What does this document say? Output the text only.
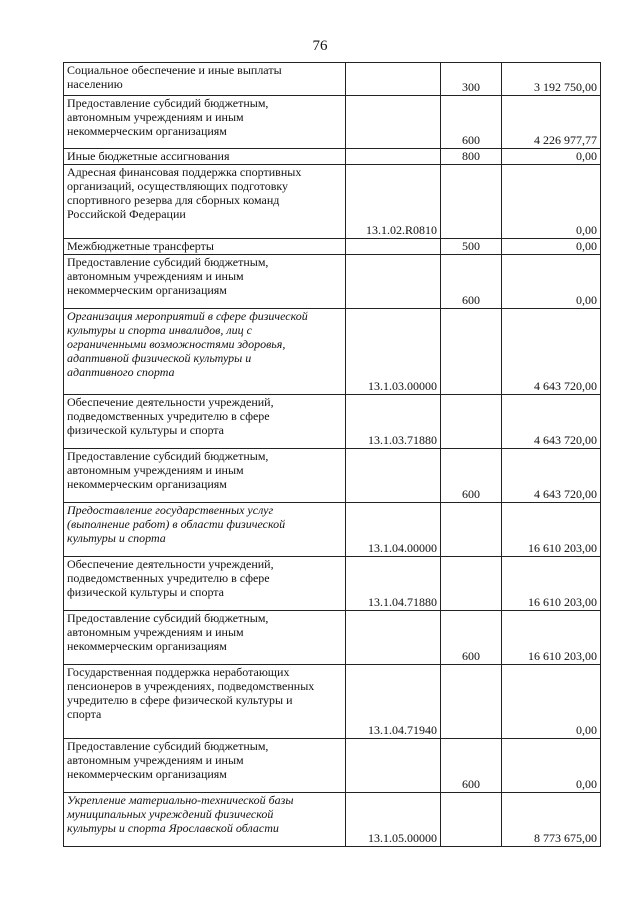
76
Социальное обеспечение и иные выплаты
населению		300	3 192 750,00
Предоставление субсидий бюджетным,
автономным учреждениям и иным
некоммерческим организациям		600	4 226 977,77
Иные бюджетные ассигнования		800	0,00
Адресная финансовая поддержка спортивных
организаций, осуществляющих подготовку
спортивного резерва для сборных команд
Российской Федерации	13.1.02.R0810		0,00
Межбюджетные трансферты		500	0,00
Предоставление субсидий бюджетным,
автономным учреждениям и иным
некоммерческим организациям		600	0,00
Организация мероприятий в сфере физической
культуры и спорта инвалидов, лиц с
ограниченными возможностями здоровья,
адаптивной физической культуры и
адаптивного спорта	13.1.03.00000		4 643 720,00
Обеспечение деятельности учреждений,
подведомственных учредителю в сфере
физической культуры и спорта	13.1.03.71880		4 643 720,00
Предоставление субсидий бюджетным,
автономным учреждениям и иным
некоммерческим организациям		600	4 643 720,00
Предоставление государственных услуг
(выполнение работ) в области физической
культуры и спорта	13.1.04.00000		16 610 203,00
Обеспечение деятельности учреждений,
подведомственных учредителю в сфере
физической культуры и спорта	13.1.04.71880		16 610 203,00
Предоставление субсидий бюджетным,
автономным учреждениям и иным
некоммерческим организациям		600	16 610 203,00
Государственная поддержка неработающих
пенсионеров в учреждениях, подведомственных
учредителю в сфере физической культуры и
спорта	13.1.04.71940		0,00
Предоставление субсидий бюджетным,
автономным учреждениям и иным
некоммерческим организациям		600	0,00
Укрепление материально-технической базы
муниципальных учреждений физической
культуры и спорта Ярославской области	13.1.05.00000		8 773 675,00
